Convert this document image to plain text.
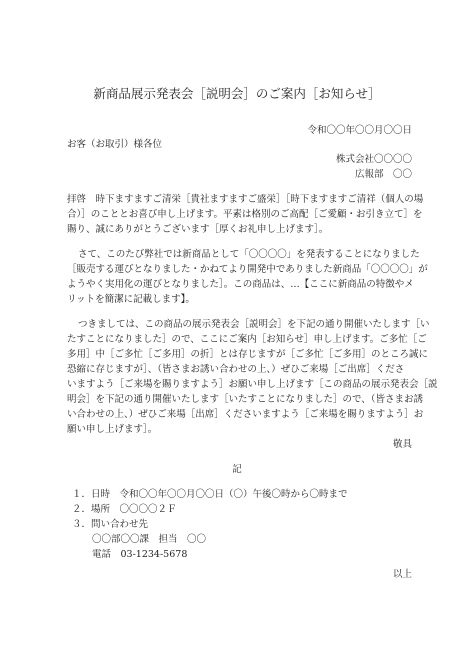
新商品展示発表会［説明会］のご案内［お知らせ］
令和〇〇年〇〇月〇〇日
お客（お取引）様各位
株式会社〇〇〇〇
広報部　〇〇
拝啓　時下ますますご清栄［貴社ますますご盛栄］［時下ますますご清祥（個人の場
合）］のこととお喜び申し上げます。平素は格別のご高配［ご愛顧・お引き立て］を
賜り、誠にありがとうございます［厚くお礼申し上げます］。
さて、このたび弊社では新商品として「〇〇〇〇」を発表することになりました
［販売する運びとなりました・かねてより開発中でありました新商品「〇〇〇〇」が
ようやく実用化の運びとなりました］。この商品は、…【ここに新商品の特徴やメ
リットを簡潔に記載します】。
つきましては、この商品の展示発表会［説明会］を下記の通り開催いたします［い
たすことになりました］ので、ここにご案内［お知らせ］申し上げます。ご多忙［ご
多用］中［ご多忙［ご多用］の折］とは存じますが［ご多忙［ご多用］のところ誠に
恐縮に存じますが］、（皆さまお誘い合わせの上、）ぜひご来場［ご出席］くださ
いますよう［ご来場を賜りますよう］お願い申し上げます［この商品の展示発表会［説
明会］を下記の通り開催いたします［いたすことになりました］ので、（皆さまお誘
い合わせの上、）ぜひご来場［出席］くださいますよう［ご来場を賜りますよう］お
願い申し上げます］。
敬具
記
１．日時　令和〇〇年〇〇月〇〇日（〇）午後〇時から〇時まで
２．場所　〇〇〇〇２Ｆ
３．問い合わせ先
〇〇部〇〇課　担当　〇〇
電話　03-1234-5678
以上
